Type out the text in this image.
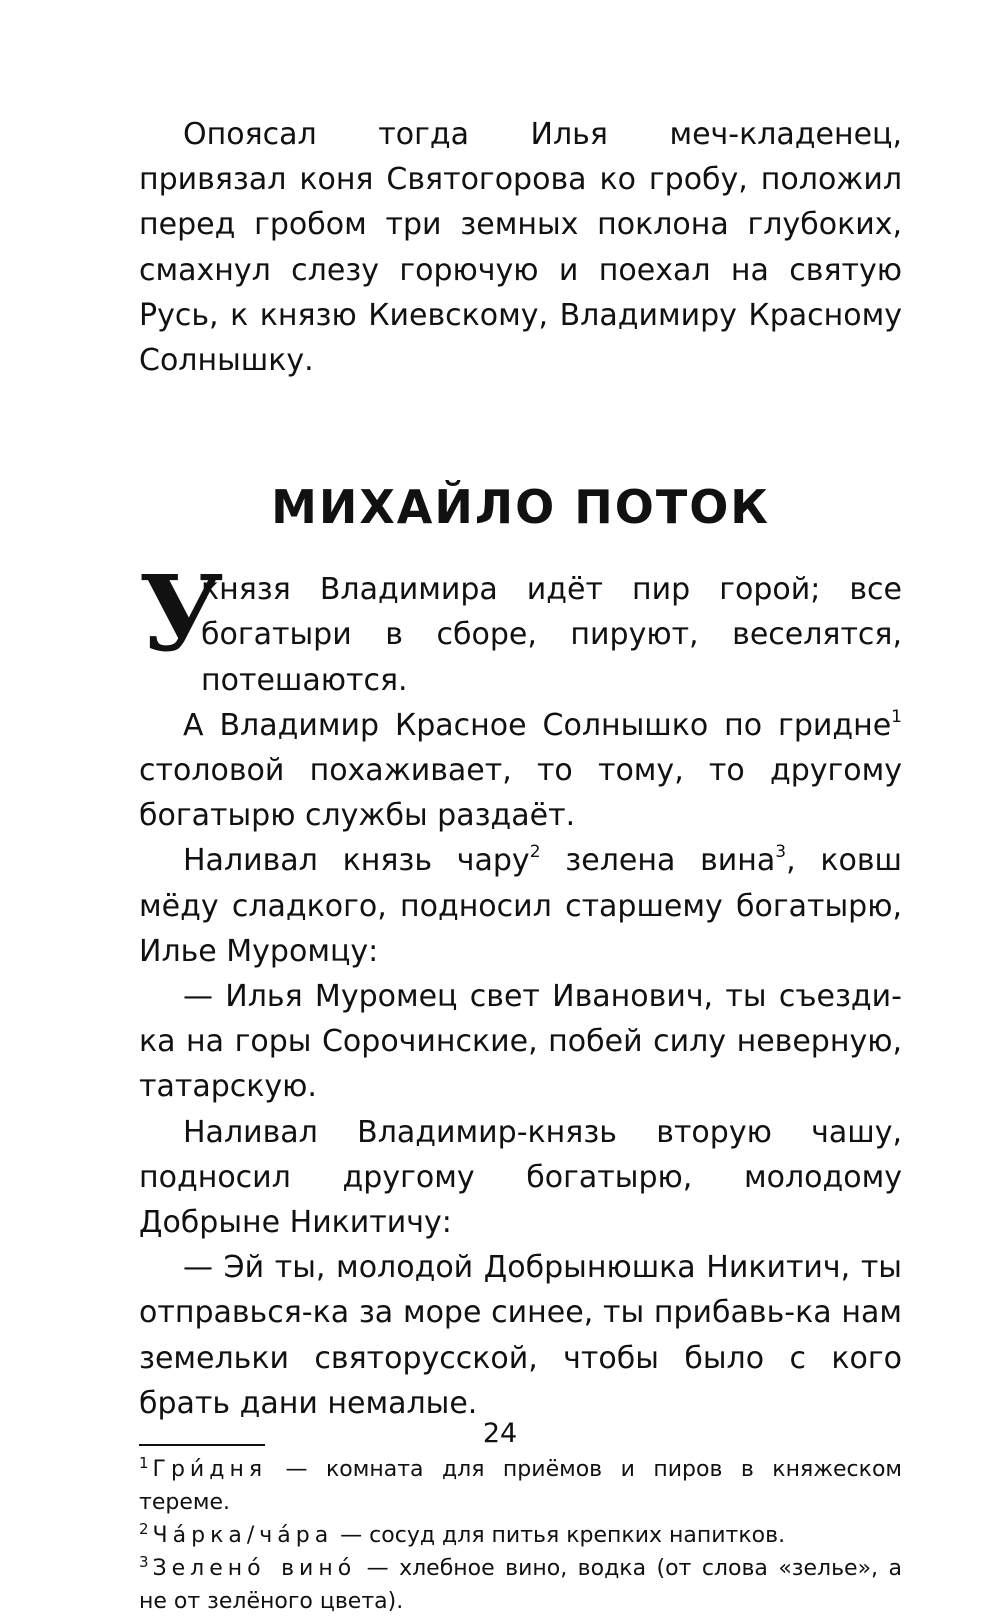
Опоясал тогда Илья меч-кладенец, привязал коня Святогорова ко гробу, положил перед гробом три земных поклона глубоких, смахнул слезу горючую и поехал на святую Русь, к князю Киевскому, Владимиру Красному Солнышку.

МИХАЙЛО ПОТОК
У

князя Владимира идёт пир горой; все богатыри в сборе, пируют, веселятся, потешаются.

А Владимир Красное Солнышко по гридне$^1$ столовой похаживает, то тому, то другому богатырю службы раздаёт.

Наливал князь чару$^2$ зелена вина$^3$, ковш мёду сладкого, подносил старшему богатырю, Илье Муромцу:

— Илья Муромец свет Иванович, ты съезди-ка на горы Сорочинские, побей силу неверную, татарскую.

Наливал Владимир-князь вторую чашу, подносил другому богатырю, молодому Добрыне Никитичу:

— Эй ты, молодой Добрынюшка Никитич, ты отправься-ка за море синее, ты прибавь-ка нам земельки святорусской, чтобы было с кого брать дани немалые.

$^1$ Гри́дня — комната для приёмов и пиров в княжеском тереме.

$^2$ Ча́рка/ча́ра — сосуд для питья крепких напитков.

$^3$ Зелено́ вино́ — хлебное вино, водка (от слова «зелье», а не от зелёного цвета).

24
